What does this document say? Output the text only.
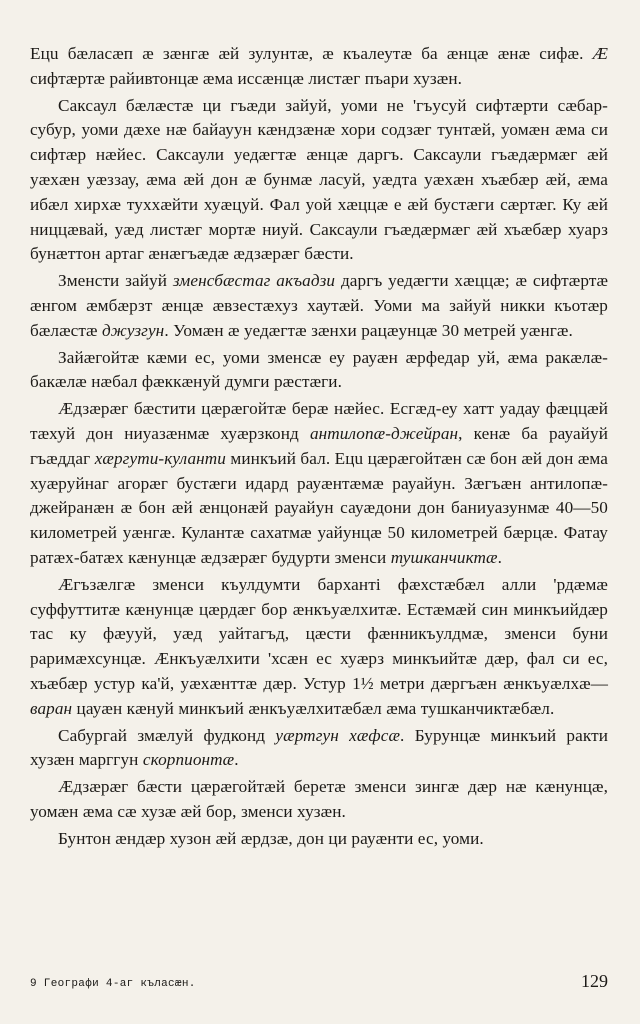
Ецu бæласæп æ зæнгæ æй зулунтæ, æ къалеутæ ба æнцæ æнæ сифæ. Æ сифтæртæ райивтонцæ æма иссæнцæ листæг пъари хузæн.

Саксаул бæлæстæ ци гъæди зайуй, уоми не 'гъусуй сифтæрти сæбар-субур, уоми дæхе нæ байауун кæндзæнæ хори содзæг тунтæй, уомæн æма си сифтæр нæйес. Саксаули уедæгтæ æнцæ даргъ. Саксаули гъæдæрмæг æй уæхæн уæззау, æма æй дон æ бунмæ ласуй, уæдта уæхæн хъæбæр æй, æма ибæл хирхæ тухxæйти хуæцуй. Фал уой хæццæ е æй бустæги сæртæг. Ку æй ниццæвай, уæд листæг мортæ ниуй. Саксаули гъæдæрмæг æй хъæбæр хуарз бунæттон артаг æнæгъæдæ æдзæрæг бæсти.

Зменсти зайуй зменсбæстаг акъадзи даргъ уедæгти хæццæ; æ сифтæртæ æнгом æмбæрзт æнцæ æвзестæхуз хаутæй. Уоми ма зайуй никки къотæр бæлæстæ джузгун. Уомæн æ уедæгтæ зæнхи рацæунцæ 30 метрей уæнгæ.

Зайæгойтæ кæми ес, уоми зменсæ еу рауæн æрфедар уй, æма ракæлæ-бакæлæ нæбал фæккæнуй думги рæстæги.

Æдзæрæг бæстити цæрæгойтæ берæ нæйес. Есгæд-еу хатт уадау фæццæй тæхуй дон ниуазæнмæ хуæрзконд антилопæ-джейран, кенæ ба рауайуй гъæддаг хæргути-куланти минкъий бал. Ецu цæрæгойтæн сæ бон æй дон æма хуæруйнаг агорæг бустæги идард рауæнтæмæ рауайун. Зæгъæн антилопæ-джейранæн æ бон æй æнцонæй рауайун сауæдони дон баниуазунмæ 40—50 километрей уæнгæ. Кулантæ сахатмæ уайунцæ 50 километрей бæрцæ. Фатау ратæх-батæх кæнунцæ æдзæрæг будурти зменси тушканчиктæ.

Æгъзæлгæ зменси къулдумти бархантi фæхстæбæл алли 'рдæмæ суффуттитæ кæнунцæ цæрдæг бор æнкъуæлхитæ. Естæмæй син минкъийдæр тас ку фæууй, уæд уайтагъд, цæсти фæнникъулдмæ, зменси буни раримæхсунцæ. Æнкъуæлхити 'хсæн ес хуæрз минкъийтæ дæр, фал си ес, хъæбæр устур ка'й, уæхæнттæ дæр. Устур 1½ метри дæргъæн æнкъуæлхæ—варан цауæн кæнуй минкъий æнкъуæлхитæбæл æма тушканчиктæбæл.

Сабургай змæлуй фудконд уæртгун хæфсæ. Бурунцæ минкъий ракти хузæн марггун скорпионтæ.

Æдзæрæг бæсти цæрæгойтæй беретæ зменси зингæ дæр нæ кæнунцæ, уомæн æма сæ хузæ æй бор, зменси хузæн.

Бунтон æндæр хузон æй æрдзæ, дон ци рауæнти ес, уоми.

9 Географи 4-аг къласæн.	129
